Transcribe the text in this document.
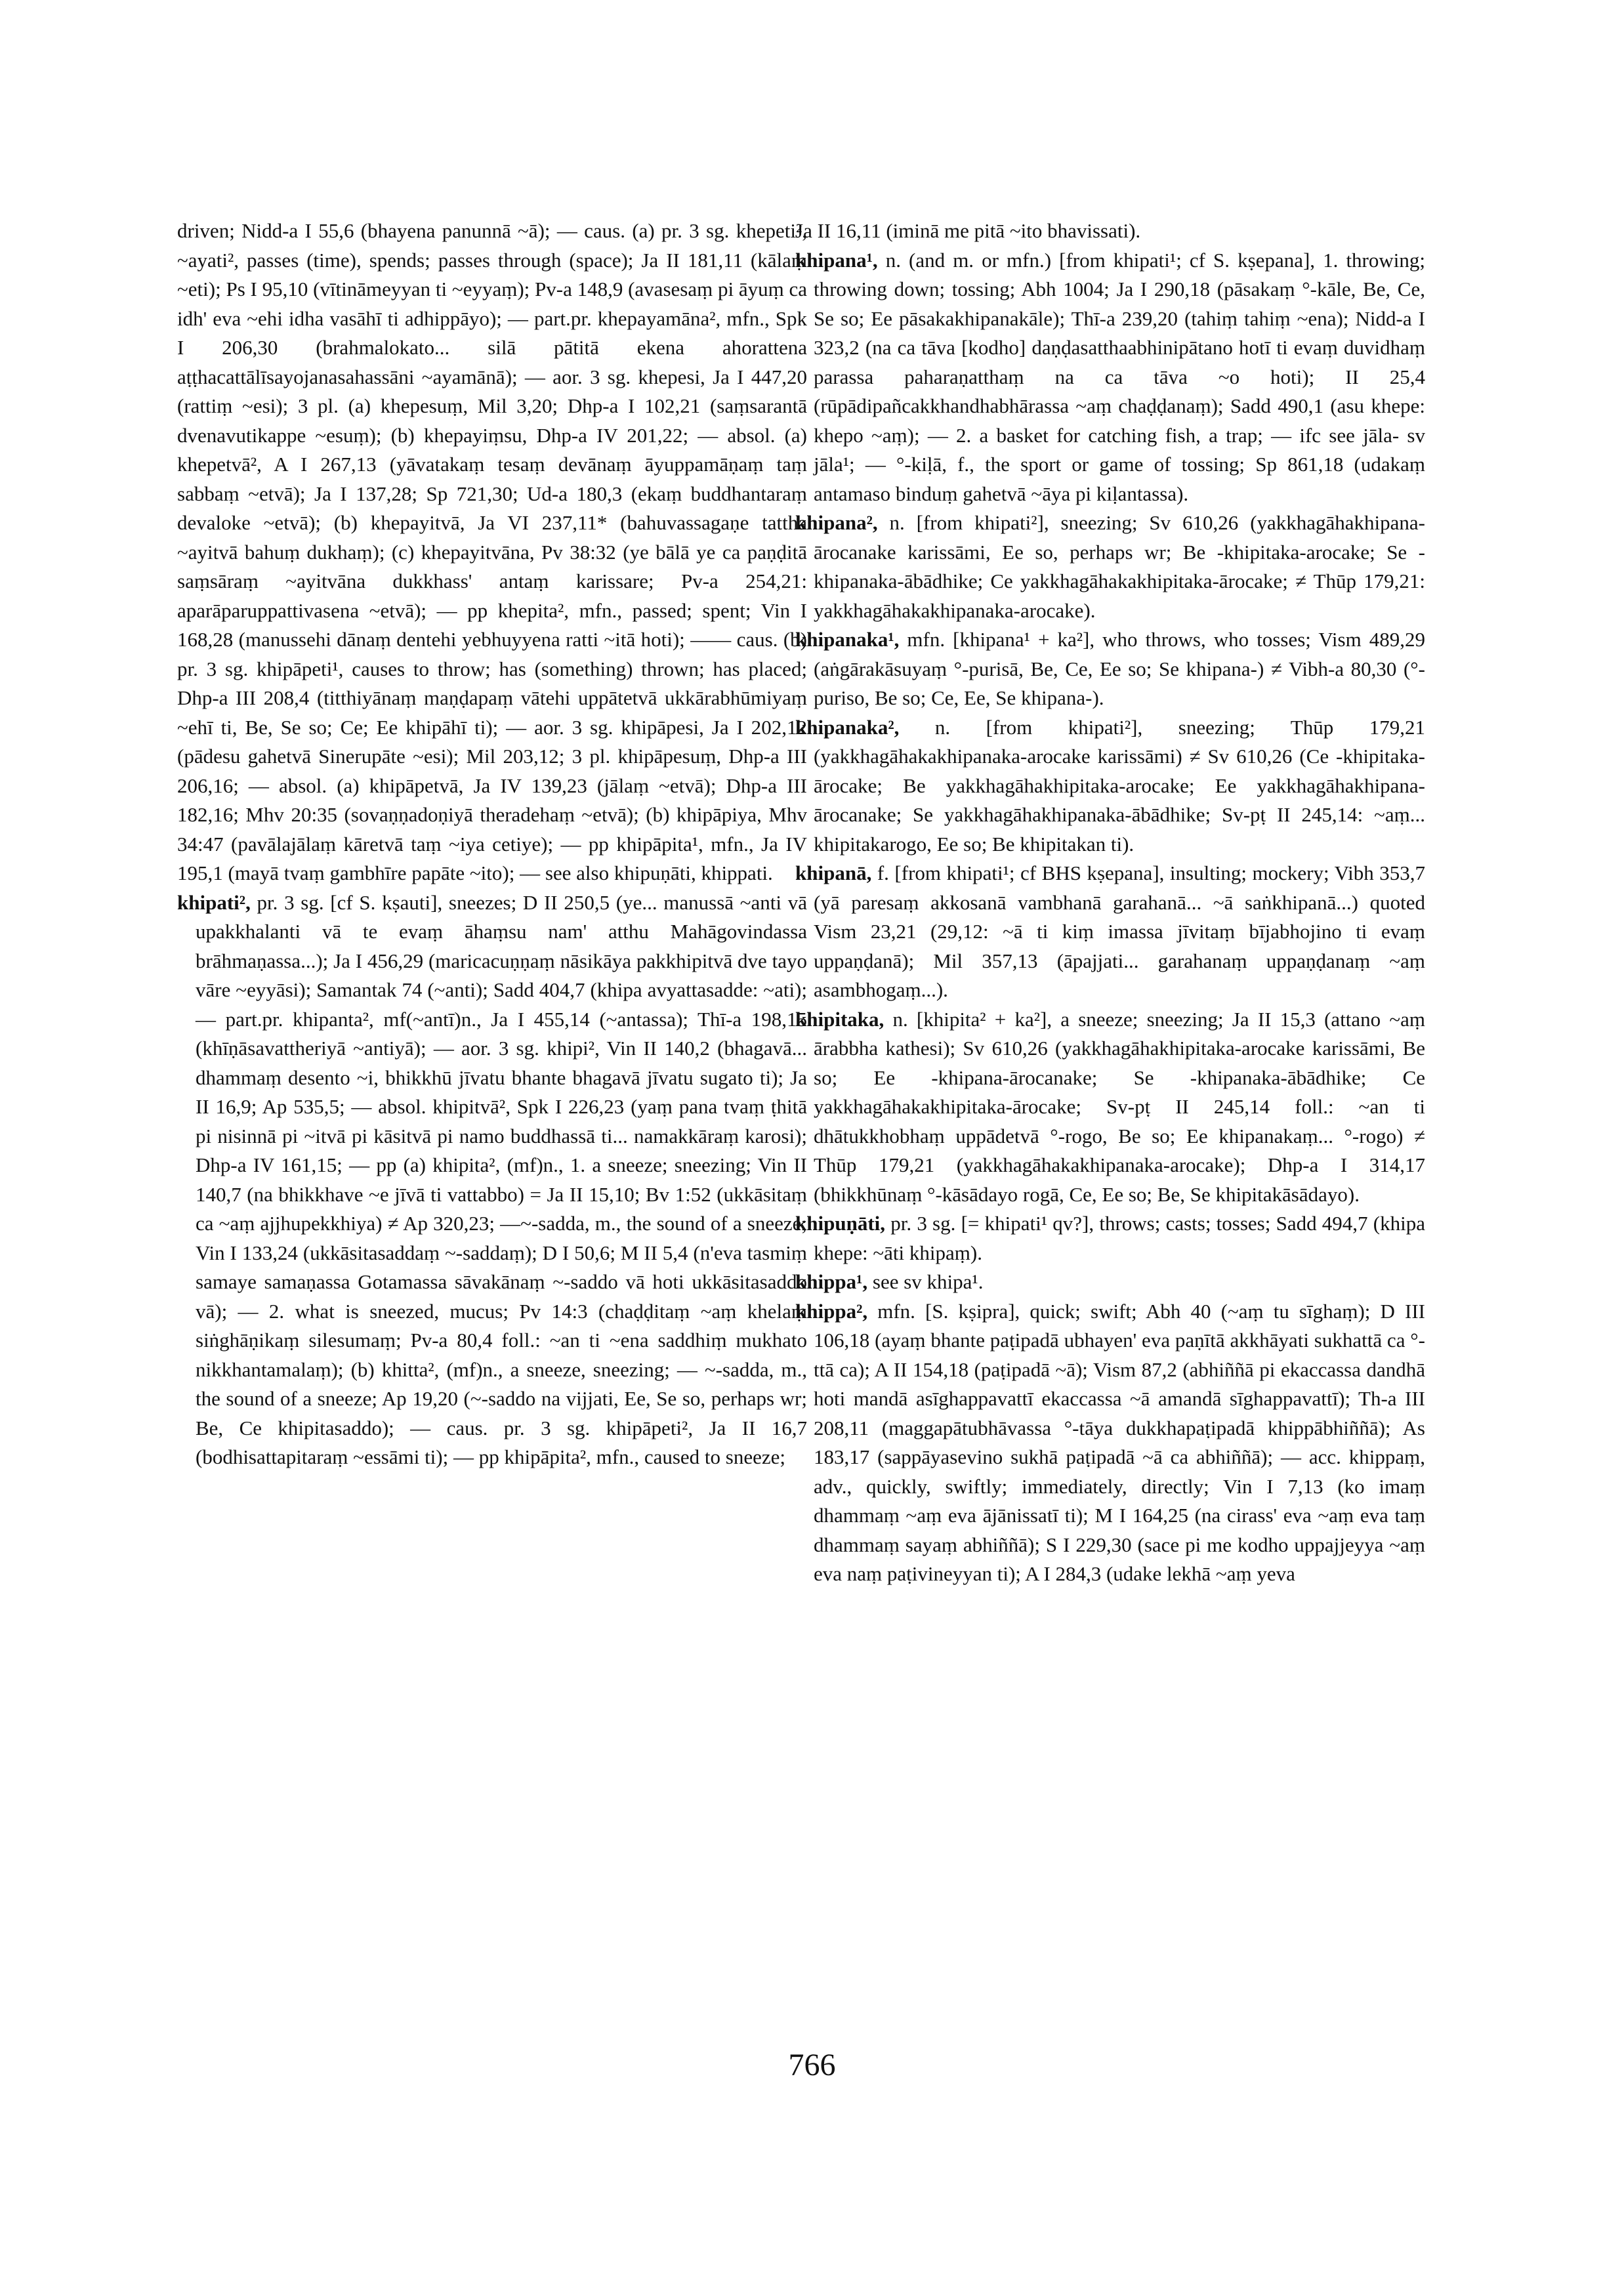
driven; Nidd-a I 55,6 (bhayena panunnā ~ā); — caus. (a) pr. 3 sg. khepeti², ~ayati², passes (time), spends; passes through (space); Ja II 181,11 (kālaṃ ~eti); Ps I 95,10 (vītināmeyyan ti ~eyyaṃ); Pv-a 148,9 (avasesaṃ pi āyuṃ ca idh' eva ~ehi idha vasāhī ti adhippāyo); — part.pr. khepayamāna², mfn., Spk I 206,30 (brahmalokato... silā pātitā ekena ahorattena aṭṭhacattālīsayojanasahassāni ~ayamānā); — aor. 3 sg. khepesi, Ja I 447,20 (rattiṃ ~esi); 3 pl. (a) khepesuṃ, Mil 3,20; Dhp-a I 102,21 (saṃsarantā dvenavutikappe ~esuṃ); (b) khepayiṃsu, Dhp-a IV 201,22; — absol. (a) khepetvā², A I 267,13 (yāvatakaṃ tesaṃ devānaṃ āyuppamāṇaṃ taṃ sabbaṃ ~etvā); Ja I 137,28; Sp 721,30; Ud-a 180,3 (ekaṃ buddhantaraṃ devaloke ~etvā); (b) khepayitvā, Ja VI 237,11* (bahuvassagaṇe tattha ~ayitvā bahuṃ dukhaṃ); (c) khepayitvāna, Pv 38:32 (ye bālā ye ca paṇḍitā saṃsāraṃ ~ayitvāna dukkhass' antaṃ karissare; Pv-a 254,21: aparāparuppattivasena ~etvā); — pp khepita², mfn., passed; spent; Vin I 168,28 (manussehi dānaṃ dentehi yebhuyyena ratti ~itā hoti); —— caus. (b) pr. 3 sg. khipāpeti¹, causes to throw; has (something) thrown; has placed; Dhp-a III 208,4 (titthiyānaṃ maṇḍapaṃ vātehi uppātetvā ukkārabhūmiyaṃ ~ehī ti, Be, Se so; Ce; Ee khipāhī ti); — aor. 3 sg. khipāpesi, Ja I 202,12 (pādesu gahetvā Sinerupāte ~esi); Mil 203,12; 3 pl. khipāpesuṃ, Dhp-a III 206,16; — absol. (a) khipāpetvā, Ja IV 139,23 (jālaṃ ~etvā); Dhp-a III 182,16; Mhv 20:35 (sovaṇṇadoṇiyā theradehaṃ ~etvā); (b) khipāpiya, Mhv 34:47 (pavālajālaṃ kāretvā taṃ ~iya cetiye); — pp khipāpita¹, mfn., Ja IV 195,1 (mayā tvaṃ gambhīre papāte ~ito); — see also khipuṇāti, khippati.

khipati², pr. 3 sg. [cf S. kṣauti], sneezes; D II 250,5 (ye... manussā ~anti vā upakkhalanti vā te evaṃ āhaṃsu nam' atthu Mahāgovindassa brāhmaṇassa...); Ja I 456,29 (maricacuṇṇaṃ nāsikāya pakkhipitvā dve tayo vāre ~eyyāsi); Samantak 74 (~anti); Sadd 404,7 (khipa avyattasadde: ~ati); — part.pr. khipanta², mf(~antī)n., Ja I 455,14 (~antassa); Thī-a 198,15 (khīṇāsavattheriyā ~antiyā); — aor. 3 sg. khipi², Vin II 140,2 (bhagavā... dhammaṃ desento ~i, bhikkhū jīvatu bhante bhagavā jīvatu sugato ti); Ja II 16,9; Ap 535,5; — absol. khipitvā², Spk I 226,23 (yaṃ pana tvaṃ ṭhitā pi nisinnā pi ~itvā pi kāsitvā pi namo buddhassā ti... namakkāraṃ karosi); Dhp-a IV 161,15; — pp (a) khipita², (mf)n., 1. a sneeze; sneezing; Vin II 140,7 (na bhikkhave ~e jīvā ti vattabbo) = Ja II 15,10; Bv 1:52 (ukkāsitaṃ ca ~aṃ ajjhupekkhiya) ≠ Ap 320,23; —~-sadda, m., the sound of a sneeze; Vin I 133,24 (ukkāsitasaddaṃ ~-saddaṃ); D I 50,6; M II 5,4 (n'eva tasmiṃ samaye samaṇassa Gotamassa sāvakānaṃ ~-saddo vā hoti ukkāsitasaddo vā); — 2. what is sneezed, mucus; Pv 14:3 (chaḍḍitaṃ ~aṃ khelaṃ siṅghāṇikaṃ silesumaṃ; Pv-a 80,4 foll.: ~an ti ~ena saddhiṃ mukhato nikkhantamalaṃ); (b) khitta², (mf)n., a sneeze, sneezing; — ~-sadda, m., the sound of a sneeze; Ap 19,20 (~-saddo na vijjati, Ee, Se so, perhaps wr; Be, Ce khipitasaddo); — caus. pr. 3 sg. khipāpeti², Ja II 16,7 (bodhisattapitaraṃ ~essāmi ti); — pp khipāpita², mfn., caused to sneeze;

Ja II 16,11 (iminā me pitā ~ito bhavissati).

khipana¹, n. (and m. or mfn.) [from khipati¹; cf S. kṣepana], 1. throwing; throwing down; tossing; Abh 1004; Ja I 290,18 (pāsakaṃ °-kāle, Be, Ce, Se so; Ee pāsakakhipanakāle); Thī-a 239,20 (tahiṃ tahiṃ ~ena); Nidd-a I 323,2 (na ca tāva [kodho] daṇḍasatthaabhinipātano hotī ti evaṃ duvidhaṃ parassa paharaṇatthaṃ na ca tāva ~o hoti); II 25,4 (rūpādipañcakkhandhabhārassa ~aṃ chaḍḍanaṃ); Sadd 490,1 (asu khepe: khepo ~aṃ); — 2. a basket for catching fish, a trap; — ifc see jāla- sv jāla¹; — °-kiḷā, f., the sport or game of tossing; Sp 861,18 (udakaṃ antamaso binduṃ gahetvā ~āya pi kiḷantassa).

khipana², n. [from khipati²], sneezing; Sv 610,26 (yakkhagāhakhipana-ārocanake karissāmi, Ee so, perhaps wr; Be -khipitaka-arocake; Se -khipanaka-ābādhike; Ce yakkhagāhakakhipitaka-ārocake; ≠ Thūp 179,21: yakkhagāhakakhipanaka-arocake).

khipanaka¹, mfn. [khipana¹ + ka²], who throws, who tosses; Vism 489,29 (aṅgārakāsuyaṃ °-purisā, Be, Ce, Ee so; Se khipana-) ≠ Vibh-a 80,30 (°-puriso, Be so; Ce, Ee, Se khipana-).

khipanaka², n. [from khipati²], sneezing; Thūp 179,21 (yakkhagāhakakhipanaka-arocake karissāmi) ≠ Sv 610,26 (Ce -khipitaka-ārocake; Be yakkhagāhakhipitaka-arocake; Ee yakkhagāhakhipana-ārocanake; Se yakkhagāhakhipanaka-ābādhike; Sv-pṭ II 245,14: ~aṃ... khipitakarogo, Ee so; Be khipitakan ti).

khipanā, f. [from khipati¹; cf BHS kṣepana], insulting; mockery; Vibh 353,7 (yā paresaṃ akkosanā vambhanā garahanā... ~ā saṅkhipanā...) quoted Vism 23,21 (29,12: ~ā ti kiṃ imassa jīvitaṃ bījabhojino ti evaṃ uppaṇḍanā); Mil 357,13 (āpajjati... garahanaṃ uppaṇḍanaṃ ~aṃ asambhogaṃ...).

khipitaka, n. [khipita² + ka²], a sneeze; sneezing; Ja II 15,3 (attano ~aṃ ārabbha kathesi); Sv 610,26 (yakkhagāhakhipitaka-arocake karissāmi, Be so; Ee -khipana-ārocanake; Se -khipanaka-ābādhike; Ce yakkhagāhakakhipitaka-ārocake; Sv-pṭ II 245,14 foll.: ~an ti dhātukkhobhaṃ uppādetvā °-rogo, Be so; Ee khipanakaṃ... °-rogo) ≠ Thūp 179,21 (yakkhagāhakakhipanaka-arocake); Dhp-a I 314,17 (bhikkhūnaṃ °-kāsādayo rogā, Ce, Ee so; Be, Se khipitakāsādayo).

khipuṇāti, pr. 3 sg. [= khipati¹ qv?], throws; casts; tosses; Sadd 494,7 (khipa khepe: ~āti khipaṃ).

khippa¹, see sv khipa¹.

khippa², mfn. [S. kṣipra], quick; swift; Abh 40 (~aṃ tu sīghaṃ); D III 106,18 (ayaṃ bhante paṭipadā ubhayen' eva paṇītā akkhāyati sukhattā ca °-ttā ca); A II 154,18 (paṭipadā ~ā); Vism 87,2 (abhiññā pi ekaccassa dandhā hoti mandā asīghappavattī ekaccassa ~ā amandā sīghappavattī); Th-a III 208,11 (maggapātubhāvassa °-tāya dukkhapaṭipadā khippābhiññā); As 183,17 (sappāyasevino sukhā paṭipadā ~ā ca abhiññā); — acc. khippaṃ, adv., quickly, swiftly; immediately, directly; Vin I 7,13 (ko imaṃ dhammaṃ ~aṃ eva ājānissatī ti); M I 164,25 (na cirass' eva ~aṃ eva taṃ dhammaṃ sayaṃ abhiññā); S I 229,30 (sace pi me kodho uppajjeyya ~aṃ eva naṃ paṭivineyyan ti); A I 284,3 (udake lekhā ~aṃ yeva

766
